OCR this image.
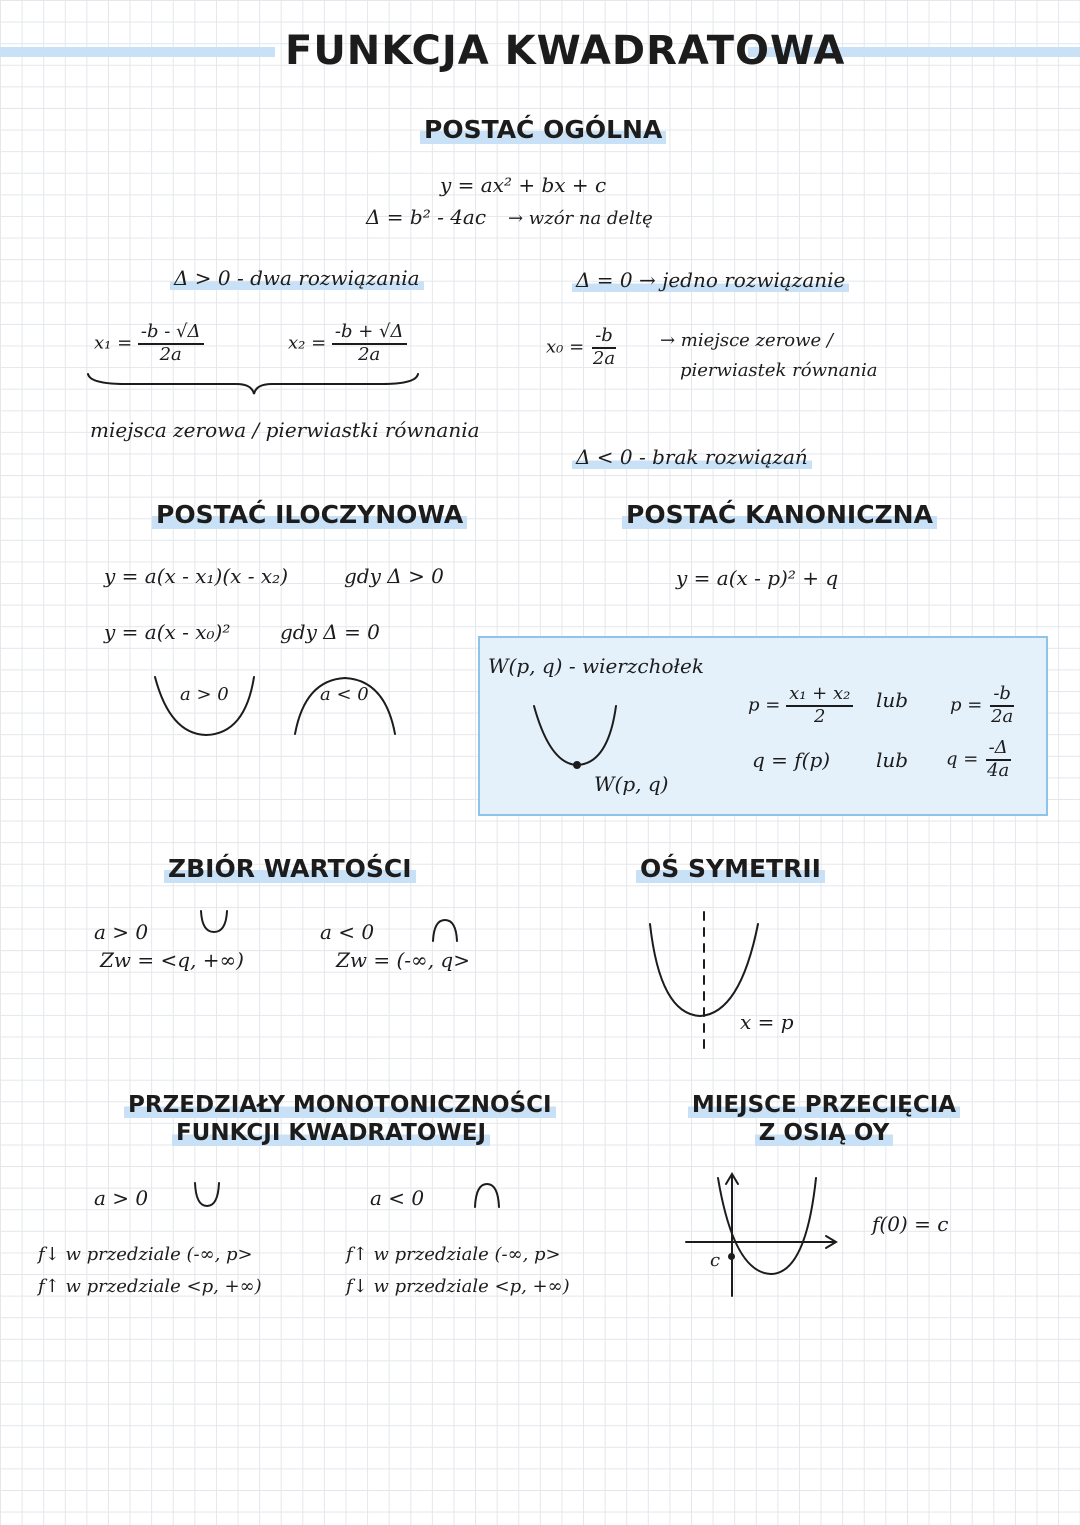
FUNKCJA KWADRATOWA
POSTAĆ OGÓLNA
y = ax² + bx + c
Δ = b² - 4ac → wzór na deltę
Δ > 0 - dwa rozwiązania
$x_1 = \frac{-b - √\Delta}{2a}$	$x_2 = \frac{-b + √\Delta}{2a}$
miejsca zerowa / pierwiastki równania
Δ = 0 → jedno rozwiązanie
$x_0 = \frac{-b}{2a}$ → miejsce zerowe /
pierwiastek równania
Δ < 0 - brak rozwiązań
POSTAĆ ILOCZYNOWA
y = a(x - x₁)(x - x₂)	gdy Δ > 0
y = a(x - x₀)² gdy Δ = 0
a > 0	a < 0
POSTAĆ KANONICZNA
y = a(x - p)² + q
W(p, q) - wierzchołek
W(p, q)
$p = \frac{\text{x₁ + x₂}}{2}$ lub $p = \frac{-b}{2a}$
q = f(p) lub $q = \frac{-\Delta}{4a}$
ZBIÓR WARTOŚCI
a > 0
Zw = <q, +∞)
a < 0
Zw = (-∞, q>
OŚ SYMETRII
x = p
PRZEDZIAŁY MONOTONICZNOŚCI
FUNKCJI KWADRATOWEJ
a > 0
f↓ w przedziale (-∞, p>
f↑ w przedziale <p, +∞)
a < 0
f↑ w przedziale (-∞, p>
f↓ w przedziale <p, +∞)
MIEJSCE PRZECIĘCIA
Z OSIĄ OY
c
f(0) = c
